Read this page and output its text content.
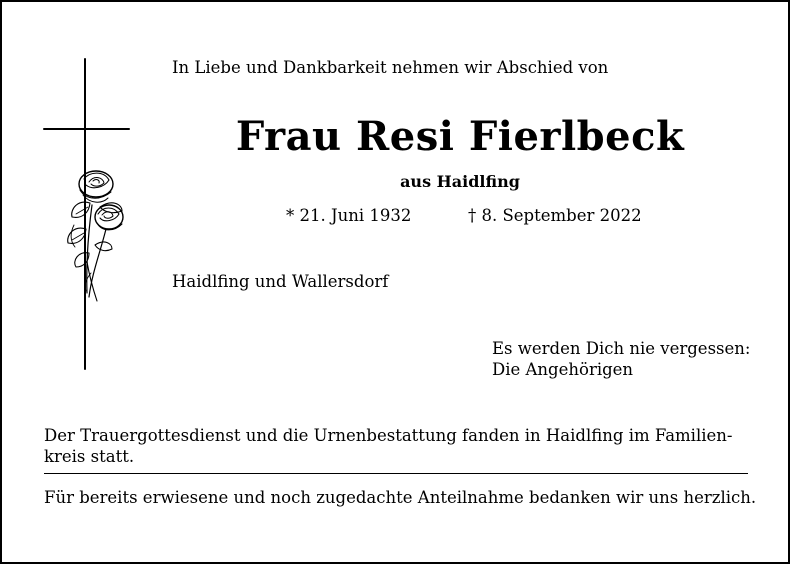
In Liebe und Dankbarkeit nehmen wir Abschied von
Frau Resi Fierlbeck
aus Haidlfing
* 21. Juni 1932	† 8. September 2022
Haidlfing und Wallersdorf
Es werden Dich nie vergessen:
Die Angehörigen
Der Trauergottesdienst und die Urnenbestattung fanden in Haidlfing im Familien-
kreis statt.
Für bereits erwiesene und noch zugedachte Anteilnahme bedanken wir uns herzlich.
